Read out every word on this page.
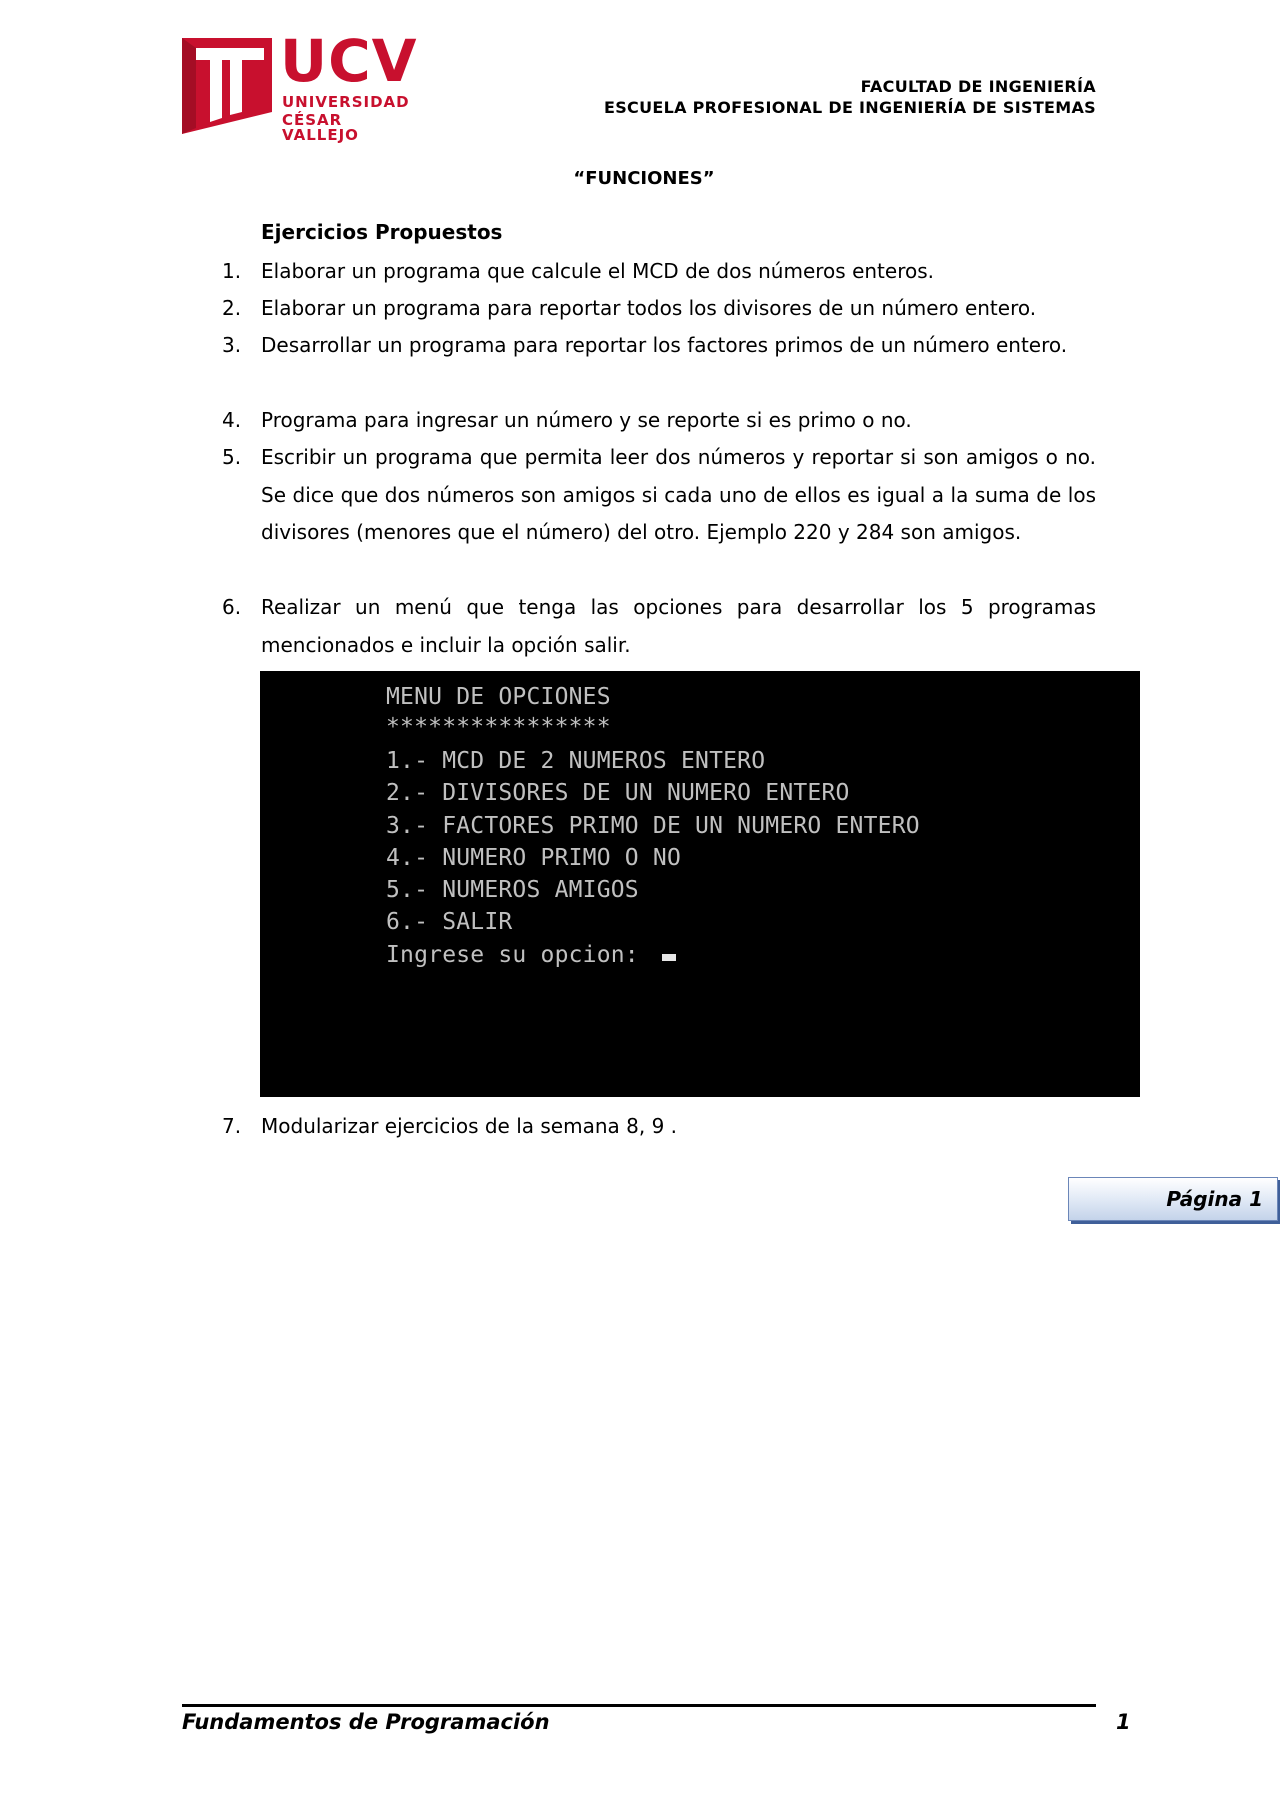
UCV
UNIVERSIDAD
CÉSAR VALLEJO
FACULTAD DE INGENIERÍA
ESCUELA PROFESIONAL DE INGENIERÍA DE SISTEMAS
“FUNCIONES”
Ejercicios Propuestos
1. Elaborar un programa que calcule el MCD de dos números enteros.
2. Elaborar un programa para reportar todos los divisores de un número entero.
3. Desarrollar un programa para reportar los factores primos de un número entero.
4. Programa para ingresar un número y se reporte si es primo o no.
5. Escribir un programa que permita leer dos números y reportar si son amigos o no. Se dice que dos números son amigos si cada uno de ellos es igual a la suma de los divisores (menores que el número) del otro. Ejemplo 220 y 284 son amigos.
6. Realizar un menú que tenga las opciones para desarrollar los 5 programas mencionados e incluir la opción salir.
MENU DE OPCIONES
****************
1.- MCD DE 2 NUMEROS ENTERO
2.- DIVISORES DE UN NUMERO ENTERO
3.- FACTORES PRIMO DE UN NUMERO ENTERO
4.- NUMERO PRIMO O NO
5.- NUMEROS AMIGOS
6.- SALIR
Ingrese su opcion:
7. Modularizar ejercicios de la semana 8, 9 .
Página 1
Fundamentos de Programación	1
